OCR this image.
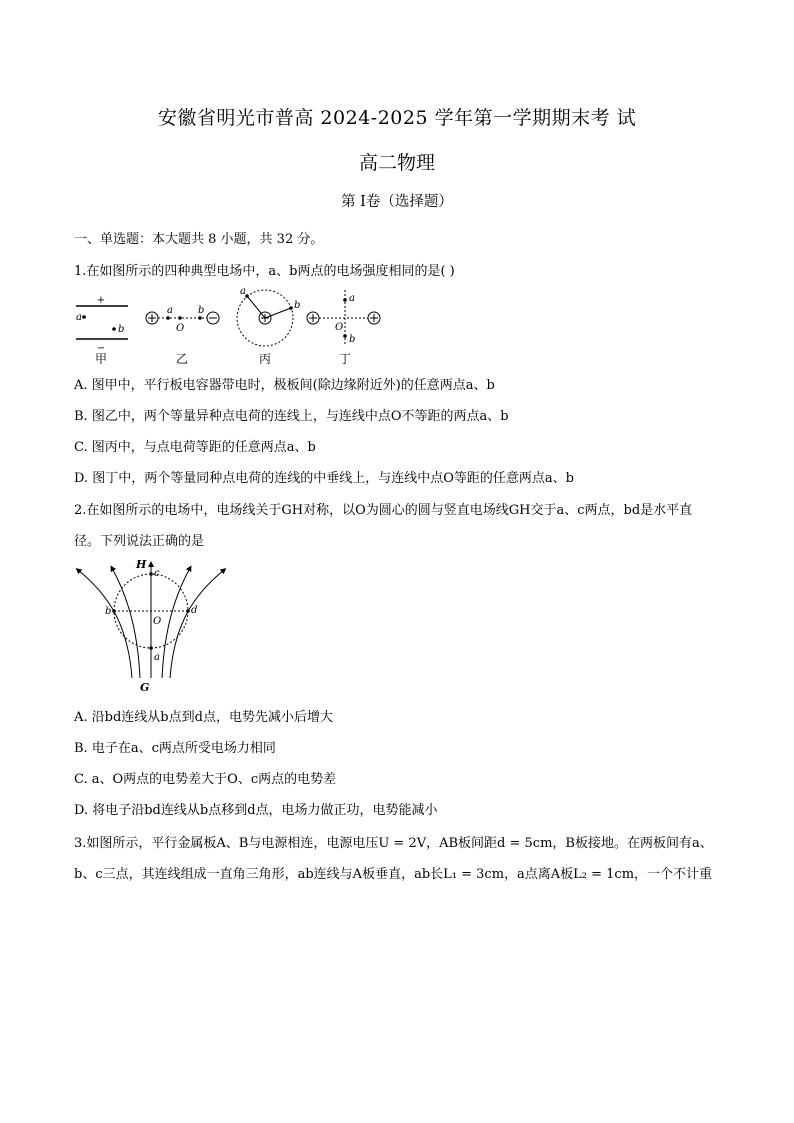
安徽省明光市普高 2024-2025 学年第一学期期末考 试
高二物理
第 I卷（选择题）
一、单选题：本大题共 8 小题，共 32 分。
1.在如图所示的四种典型电场中，a、b两点的电场强度相同的是( )
+
−
a
b
甲
a
O
b
乙
a
b
丙
a
b
O
丁
A. 图甲中，平行板电容器带电时，极板间(除边缘附近外)的任意两点a、b
B. 图乙中，两个等量异种点电荷的连线上，与连线中点O不等距的两点a、b
C. 图丙中，与点电荷等距的任意两点a、b
D. 图丁中，两个等量同种点电荷的连线的中垂线上，与连线中点O等距的任意两点a、b
2.在如图所示的电场中，电场线关于GH对称，以O为圆心的圆与竖直电场线GH交于a、c两点，bd是水平直
径。下列说法正确的是
H
c
b	d
O
a
G
A. 沿bd连线从b点到d点，电势先减小后增大
B. 电子在a、c两点所受电场力相同
C. a、O两点的电势差大于O、c两点的电势差
D. 将电子沿bd连线从b点移到d点，电场力做正功，电势能减小
3.如图所示，平行金属板A、B与电源相连，电源电压U = 2V，AB板间距d = 5cm，B板接地。在两板间有a、
b、c三点，其连线组成一直角三角形，ab连线与A板垂直，ab长L₁ = 3cm，a点离A板L₂ = 1cm，一个不计重
